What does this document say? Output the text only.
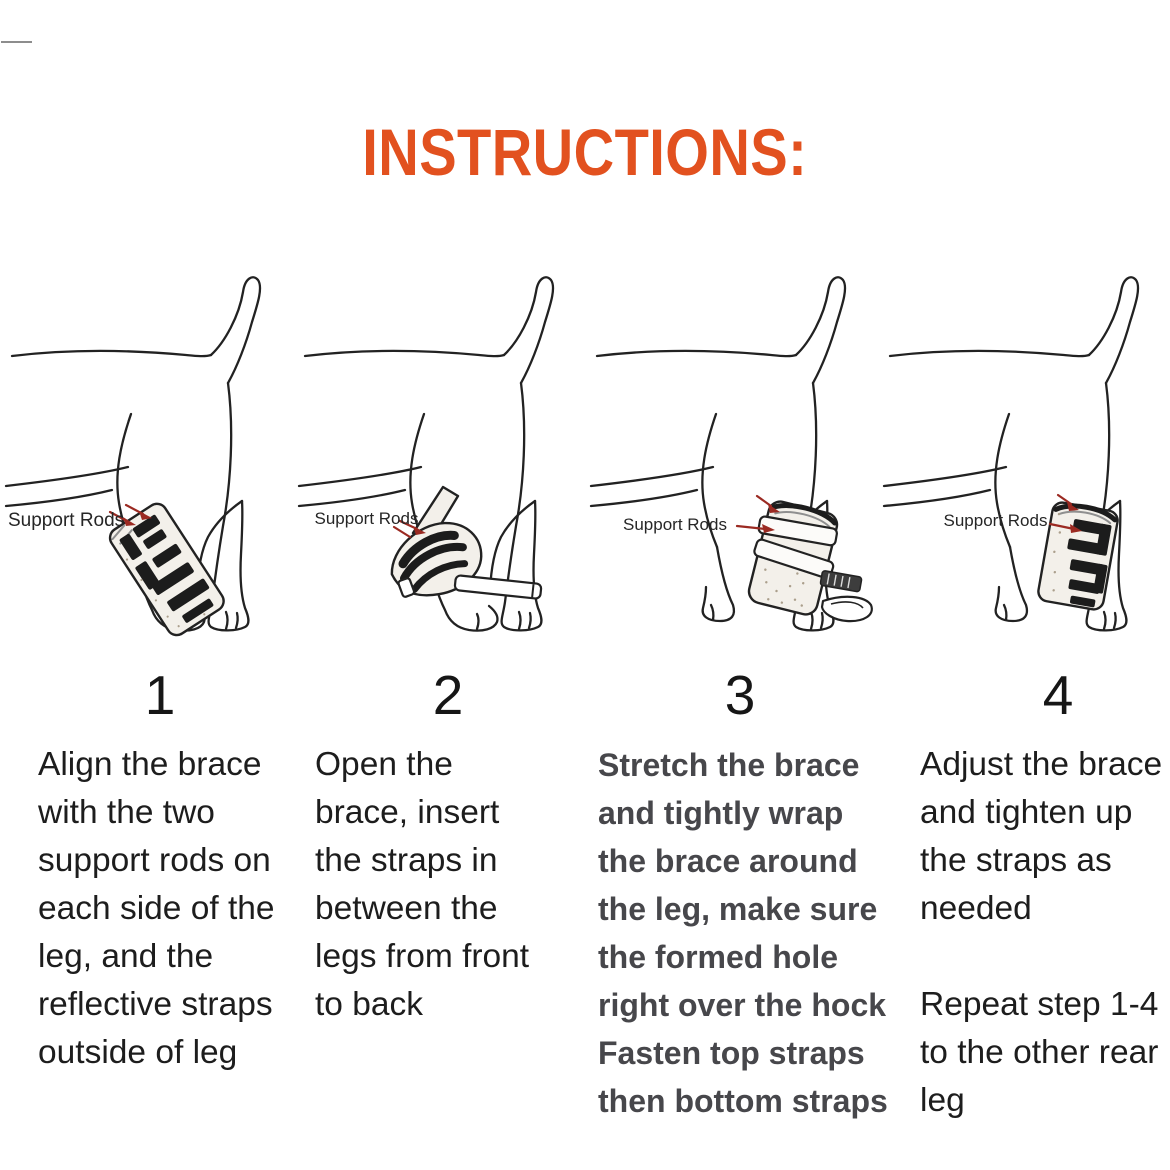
INSTRUCTIONS:
Support Rods	Support Rods	Support Rods	Support Rods
1	2	3	4

Align the brace with the two support rods on each side of the leg, and the reflective straps outside of leg

Open the brace, insert the straps in between the legs from front to back

Stretch the brace and tightly wrap the brace around the leg, make sure the formed hole right over the hock Fasten top straps then bottom straps

Adjust the brace and tighten up the straps as needed

Repeat step 1-4 to the other rear leg
